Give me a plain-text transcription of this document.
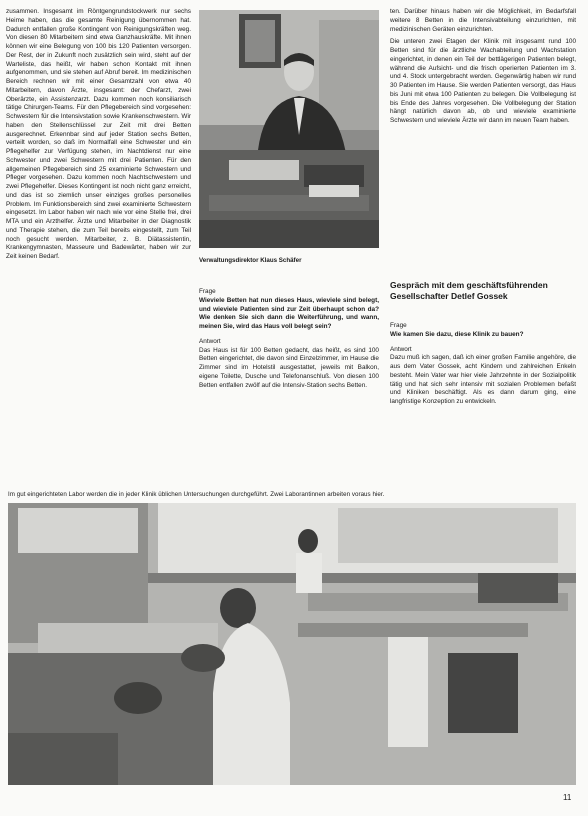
zusammen. Insgesamt im Röntgengrundstockwerk nur sechs Heime haben, das die gesamte Reinigung übernommen hat. Dadurch entfallen große Kontingent von Reinigungskräften weg. Von diesen 80 Mitarbeitern sind etwa Ganzhauskräfte. Mit ihnen können wir eine Belegung von 100 bis 120 Patienten versorgen. Der Rest, der in Zukunft noch zusätzlich sein wird, steht auf der Warteliste, das heißt, wir haben schon Kontakt mit ihnen aufgenommen, und sie stehen auf Abruf bereit. Im medizinischen Bereich rechnen wir mit einer Gesamtzahl von etwa 40 Mitarbeitern, davon Ärzte, insgesamt: der Chefarzt, zwei Oberärzte, ein Assistenzarzt. Dazu kommen noch konsiliarisch tätige Chirurgen-Teams. Für den Pflegebereich sind vorgesehen: Schwestern für die Intensivstation sowie Krankenschwestern. Wir haben den Stellenschlüssel zur Zeit mit drei Betten ausgerechnet. Erkennbar sind auf jeder Station sechs Betten, verteilt worden, so daß im Normalfall eine Schwester und ein Pflegehelfer zur Verfügung stehen, im Nachtdienst nur eine Schwester und zwei Schwestern mit drei Patienten. Für den allgemeinen Pflegebereich sind 25 examinierte Schwestern und Pfleger vorgesehen. Dazu kommen noch Nachtschwestern und zwei Pflegehelfer. Dieses Kontingent ist noch nicht ganz erreicht, und das ist so ziemlich unser einziges großes personelles Problem. Im Funktionsbereich sind zwei examinierte Schwestern eingesetzt. Im Labor haben wir nach wie vor eine Stelle frei, drei MTA und ein Arzthelfer. Ärzte und Mitarbeiter in der Diagnostik und Therapie stehen, die zum Teil bereits eingestellt, zum Teil noch gesucht werden. Mitarbeiter, z. B. Diätassistentin, Krankengymnasten, Masseure und Badewärter, haben wir zur Zeit keinen Bedarf.

Verwaltungsdirektor Klaus Schäfer

Frage

Wieviele Betten hat nun dieses Haus, wieviele sind belegt, und wieviele Patienten sind zur Zeit überhaupt schon da? Wie denken Sie sich dann die Weiterführung, und wann, meinen Sie, wird das Haus voll belegt sein?

Antwort

Das Haus ist für 100 Betten gedacht, das heißt, es sind 100 Betten eingerichtet, die davon sind Einzelzimmer, im Hause die Zimmer sind im Hotelstil ausgestattet, jeweils mit Balkon, eigene Toilette, Dusche und Telefonanschluß. Von diesen 100 Betten entfallen zwölf auf die Intensiv-Station sechs Betten.

ten. Darüber hinaus haben wir die Möglichkeit, im Bedarfsfall weitere 8 Betten in die Intensivabteilung einzurichten, mit medizinischen Geräten einzurichten.

Die unteren zwei Etagen der Klinik mit insgesamt rund 100 Betten sind für die ärztliche Wachabteilung und Wachstation eingerichtet, in denen ein Teil der bettlägerigen Patienten belegt, während die Aufsicht- und die frisch operierten Patienten im 3. und 4. Stock untergebracht werden. Gegenwärtig haben wir rund 30 Patienten im Hause. Sie werden Patienten versorgt, das Haus bis Juni mit etwa 100 Patienten zu belegen. Die Vollbelegung ist bis Ende des Jahres vorgesehen. Die Vollbelegung der Station hängt natürlich davon ab, ob und wieviele examinierte Schwestern und wieviele Ärzte wir dann im neuen Team haben.

Gespräch mit dem geschäftsführenden Gesellschafter Detlef Gossek

Frage

Wie kamen Sie dazu, diese Klinik zu bauen?

Antwort

Dazu muß ich sagen, daß ich einer großen Familie angehöre, die aus dem Vater Gossek, acht Kindern und zahlreichen Enkeln besteht. Mein Vater war hier viele Jahrzehnte in der Sozialpolitik tätig und hat sich sehr intensiv mit sozialen Problemen befaßt und Kliniken beschäftigt. Als es dann darum ging, eine langfristige Konzeption zu entwickeln.

Im gut eingerichteten Labor werden die in jeder Klinik üblichen Untersuchungen durchgeführt. Zwei Laborantinnen arbeiten voraus hier.
11
